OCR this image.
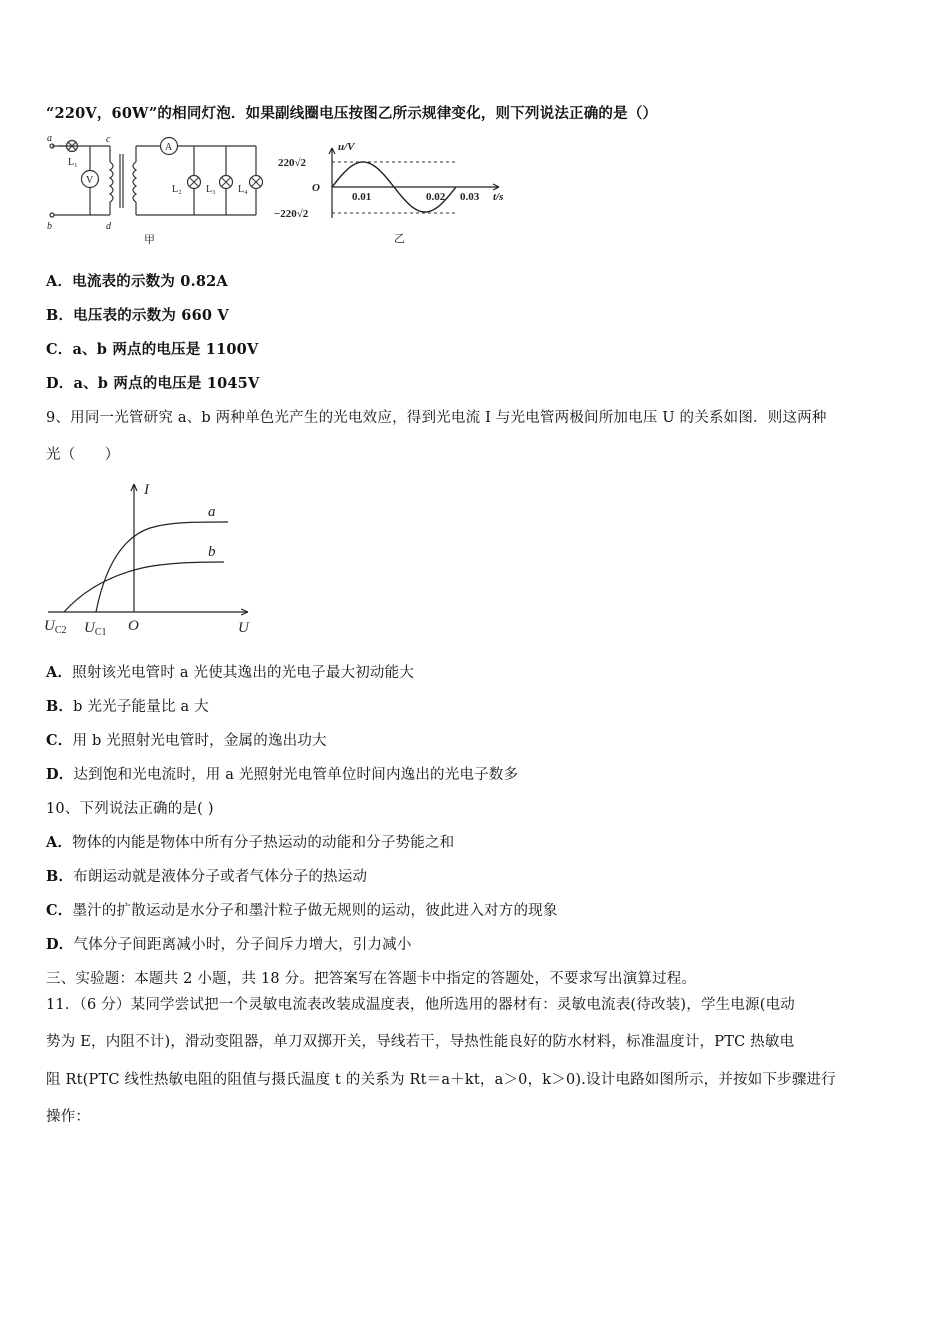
“220V，60W”的相同灯泡．如果副线圈电压按图乙所示规律变化，则下列说法正确的是（）
a
b
c
d
L₁
V
A
L₂ L₃ L₄
甲
u/V
220√2
O
−220√2
0.01	0.02 0.03 t/s
乙
A．电流表的示数为 0.82A
B．电压表的示数为 660 V
C．a、b 两点的电压是 1100V
D．a、b 两点的电压是 1045V
9、用同一光管研究 a、b 两种单色光产生的光电效应，得到光电流 I 与光电管两极间所加电压 U 的关系如图．则这两种
光（　　）
I
U
a
b
O
$U_{C2}$ $U_{C1}$
A．照射该光电管时 a 光使其逸出的光电子最大初动能大
B．b 光光子能量比 a 大
C．用 b 光照射光电管时，金属的逸出功大
D．达到饱和光电流时，用 a 光照射光电管单位时间内逸出的光电子数多
10、下列说法正确的是( )
A．物体的内能是物体中所有分子热运动的动能和分子势能之和
B．布朗运动就是液体分子或者气体分子的热运动
C．墨汁的扩散运动是水分子和墨汁粒子做无规则的运动，彼此进入对方的现象
D．气体分子间距离减小时，分子间斥力增大，引力减小
三、实验题：本题共 2 小题，共 18 分。把答案写在答题卡中指定的答题处，不要求写出演算过程。
11．（6 分）某同学尝试把一个灵敏电流表改装成温度表，他所选用的器材有：灵敏电流表(待改装)，学生电源(电动
势为 E，内阻不计)，滑动变阻器，单刀双掷开关，导线若干，导热性能良好的防水材料，标准温度计，PTC 热敏电
阻 Rt(PTC 线性热敏电阻的阻值与摄氏温度 t 的关系为 Rt＝a＋kt，a＞0，k＞0).设计电路如图所示，并按如下步骤进行
操作：
